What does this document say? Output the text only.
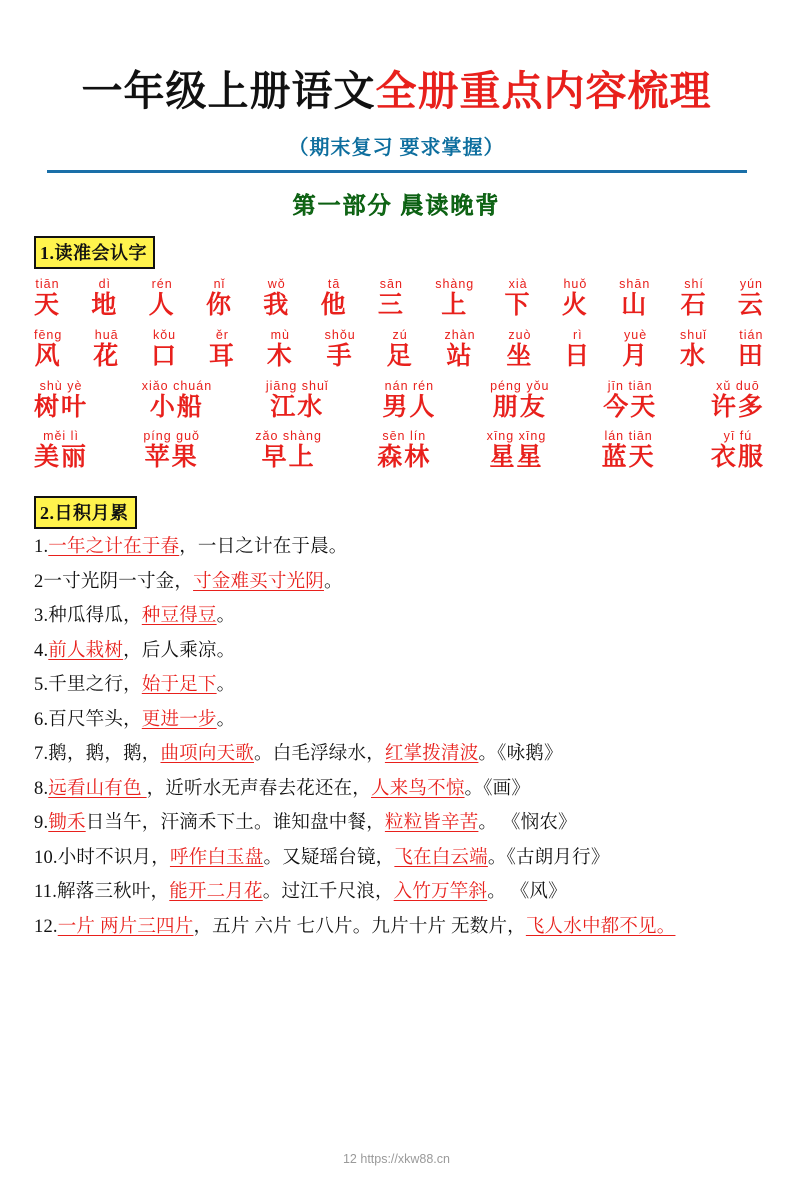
一年级上册语文全册重点内容梳理
（期末复习 要求掌握）
第一部分 晨读晚背
1.读准会认字
tiān
天
dì
地
rén
人
nǐ
你
wǒ
我
tā
他
sān
三
shàng
上
xià
下
huǒ
火
shān
山
shí
石
yún
云
fēng
风
huā
花
kǒu
口
ěr
耳
mù
木
shǒu
手
zú
足
zhàn
站
zuò
坐
rì
日
yuè
月
shuǐ
水
tián
田
shù yè
树叶
xiǎo chuán
小船
jiāng shuǐ
江水
nán rén
男人
péng yǒu
朋友
jīn tiān
今天
xǔ duō
许多
měi lì
美丽
píng guǒ
苹果
zǎo shàng
早上
sēn lín
森林
xīng xīng
星星
lán tiān
蓝天
yī fú
衣服
2.日积月累
1.一年之计在于春，一日之计在于晨。
2一寸光阴一寸金，寸金难买寸光阴。
3.种瓜得瓜，种豆得豆。
4.前人栽树，后人乘凉。
5.千里之行，始于足下。
6.百尺竿头，更进一步。
7.鹅，鹅，鹅，曲项向天歌。白毛浮绿水，红掌拨清波。《咏鹅》
8.远看山有色 ，近听水无声春去花还在，人来鸟不惊。《画》
9.锄禾日当午，汗滴禾下土。谁知盘中餐，粒粒皆辛苦。 《悯农》
10.小时不识月，呼作白玉盘。又疑瑶台镜，飞在白云端。《古朗月行》
11.解落三秋叶，能开二月花。过江千尺浪，入竹万竿斜。 《风》
12.一片 两片三四片，五片 六片 七八片。九片十片 无数片，飞人水中都不见。
12 https://xkw88.cn
